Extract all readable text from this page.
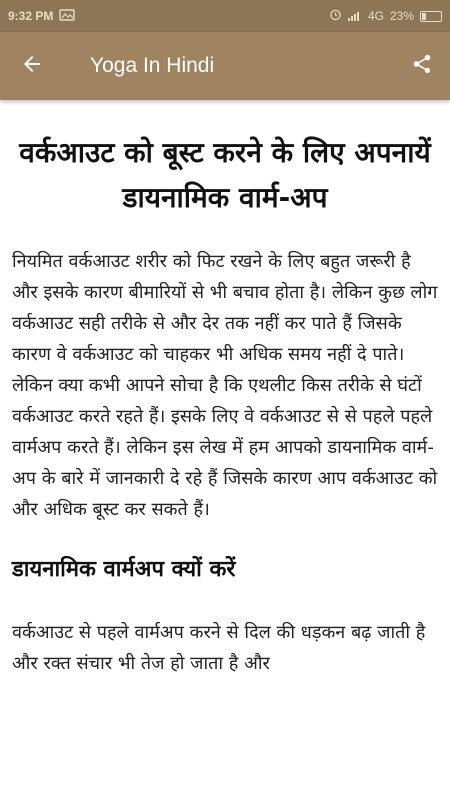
9:32 PM	4G 23%
Yoga In Hindi
वर्कआउट को बूस्ट करने के लिए अपनायें डायनामिक वार्म-अप

नियमित वर्कआउट शरीर को फिट रखने के लिए बहुत जरूरी है और इसके कारण बीमारियों से भी बचाव होता है। लेकिन कुछ लोग वर्कआउट सही तरीके से और देर तक नहीं कर पाते हैं जिसके कारण वे वर्कआउट को चाहकर भी अधिक समय नहीं दे पाते। लेकिन क्या कभी आपने सोचा है कि एथलीट किस तरीके से घंटों वर्कआउट करते रहते हैं। इसके लिए वे वर्कआउट से से पहले पहले वार्मअप करते हैं। लेकिन इस लेख में हम आपको डायनामिक वार्म-अप के बारे में जानकारी दे रहे हैं जिसके कारण आप वर्कआउट को और अधिक बूस्ट कर सकते हैं।

डायनामिक वार्मअप क्यों करें

वर्कआउट से पहले वार्मअप करने से दिल की धड़कन बढ़ जाती है और रक्त संचार भी तेज हो जाता है और
